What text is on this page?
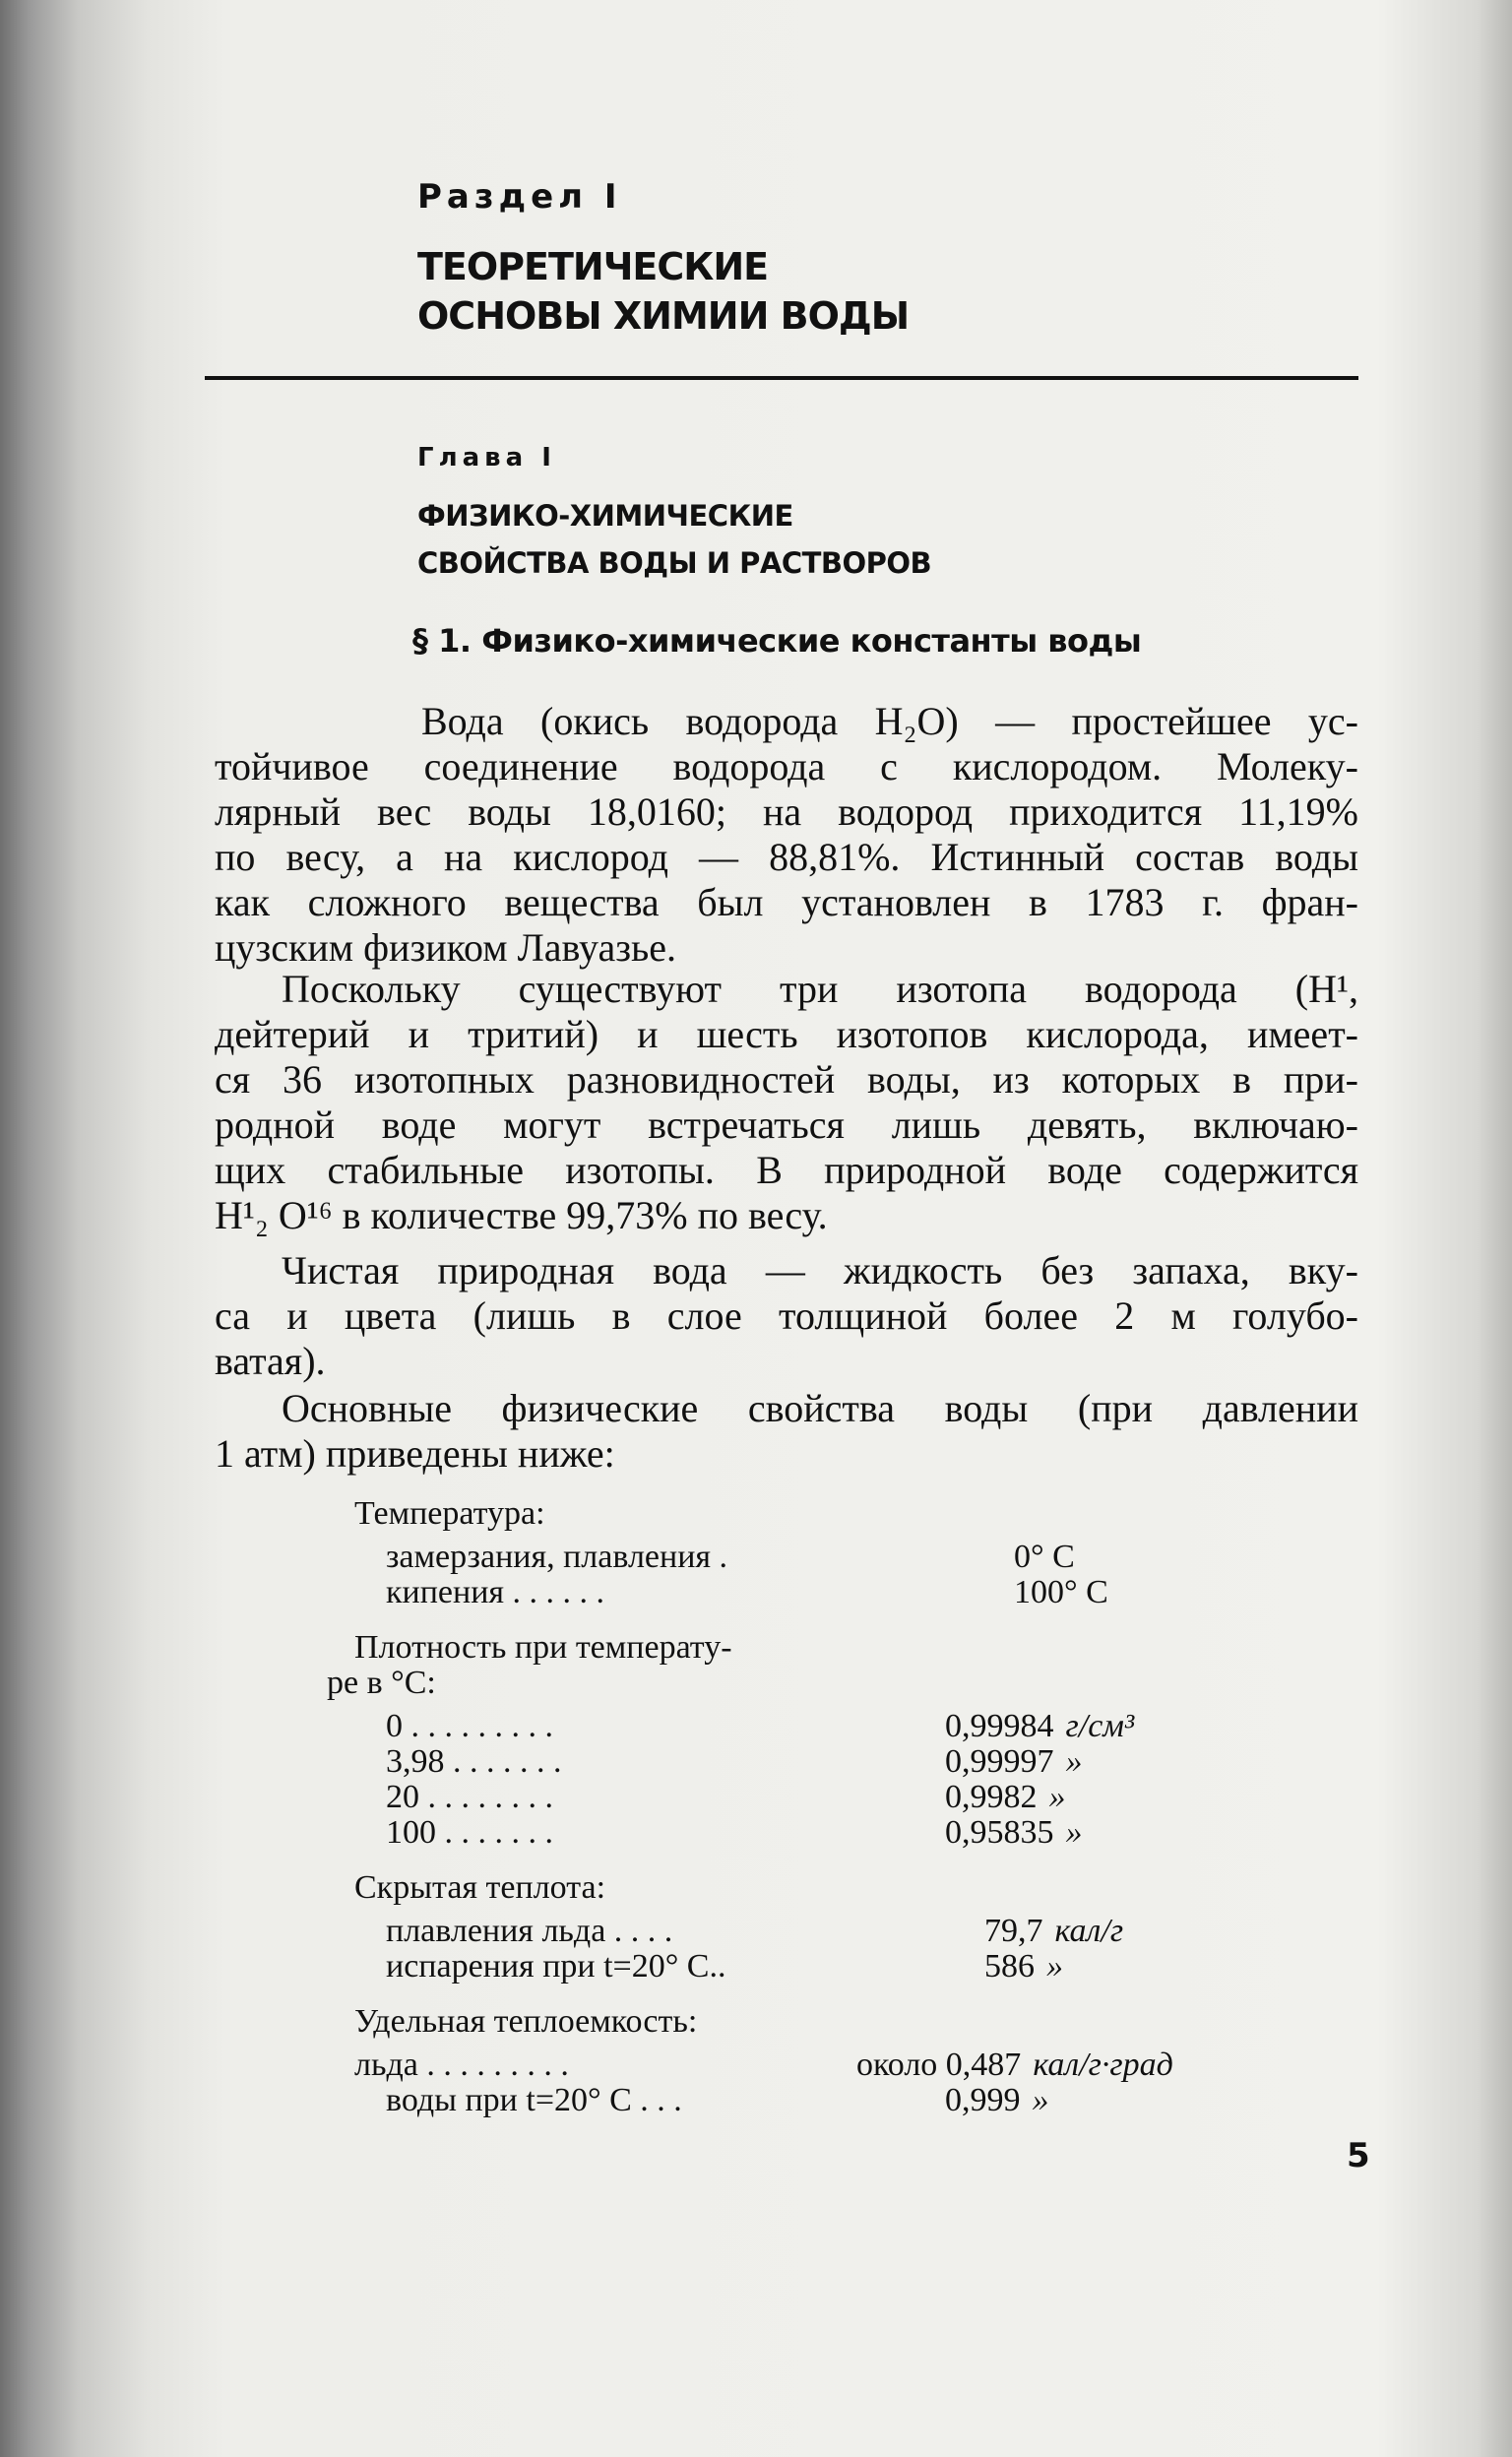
Раздел I
ТЕОРЕТИЧЕСКИЕ
ОСНОВЫ ХИМИИ ВОДЫ
Глава I
ФИЗИКО-ХИМИЧЕСКИЕ
СВОЙСТВА ВОДЫ И РАСТВОРОВ
§ 1. Физико-химические константы воды
Вода (окись водорода H₂O) — простейшее ус-
тойчивое соединение водорода с кислородом. Молеку-
лярный вес воды 18,0160; на водород приходится 11,19%
по весу, а на кислород — 88,81%. Истинный состав воды
как сложного вещества был установлен в 1783 г. фран-
цузским физиком Лавуазье.
Поскольку существуют три изотопа водорода (H¹,
дейтерий и тритий) и шесть изотопов кислорода, имеет-
ся 36 изотопных разновидностей воды, из которых в при-
родной воде могут встречаться лишь девять, включаю-
щих стабильные изотопы. В природной воде содержится
H¹₂ O¹⁶ в количестве 99,73% по весу.
Чистая природная вода — жидкость без запаха, вку-
са и цвета (лишь в слое толщиной более 2 м голубо-
ватая).
Основные физические свойства воды (при давлении
1 атм) приведены ниже:
Температура:
замерзания, плавления .	0° C
кипения . . . . . .	100° C
Плотность при температу-
ре в °C:
0 . . . . . . . . .	0,99984 г/см³
3,98 . . . . . . .	0,99997 »
20 . . . . . . . .	0,9982 »
100 . . . . . . .	0,95835 »
Скрытая теплота:
плавления льда . . . .	79,7 кал/г
испарения при t=20° C..	586 »
Удельная теплоемкость:
льда . . . . . . . . .	около 0,487 кал/г·град
воды при t=20° C . . .	0,999 »
5
